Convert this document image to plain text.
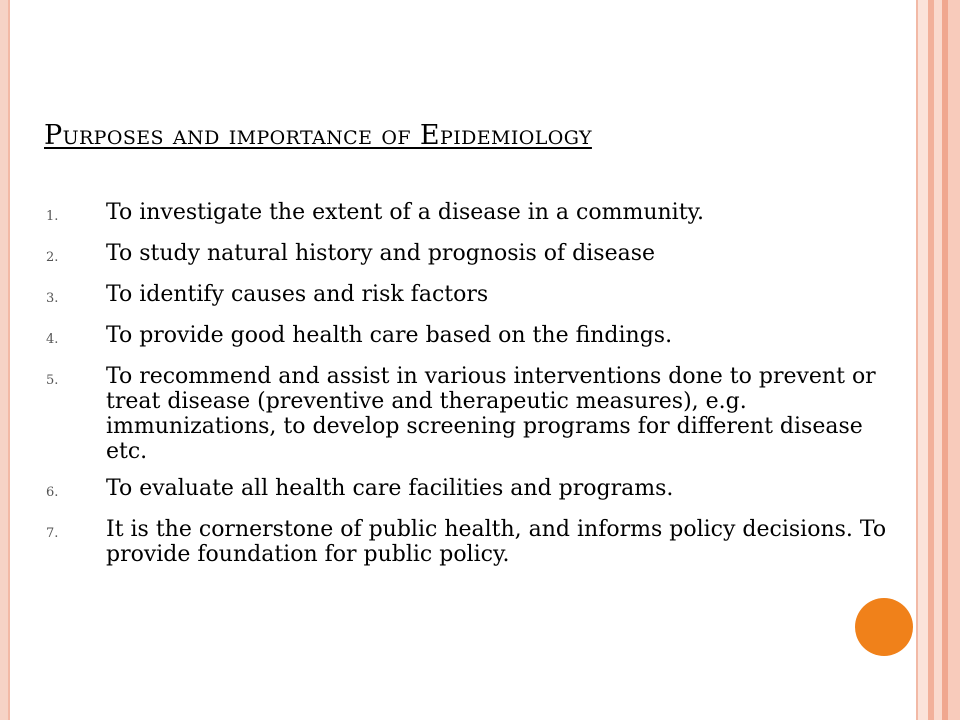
Purposes and importance of Epidemiology
1.	To investigate the extent of a disease in a community.
2.	To study natural history and prognosis of disease
3.	To identify causes and risk factors
4.	To provide good health care based on the findings.
5.	To recommend and assist in various interventions done to prevent or treat disease (preventive and therapeutic measures), e.g. immunizations, to develop screening programs for different disease etc.
6.	To evaluate all health care facilities and programs.
7.	It is the cornerstone of public health, and informs policy decisions. To provide foundation for public policy.
